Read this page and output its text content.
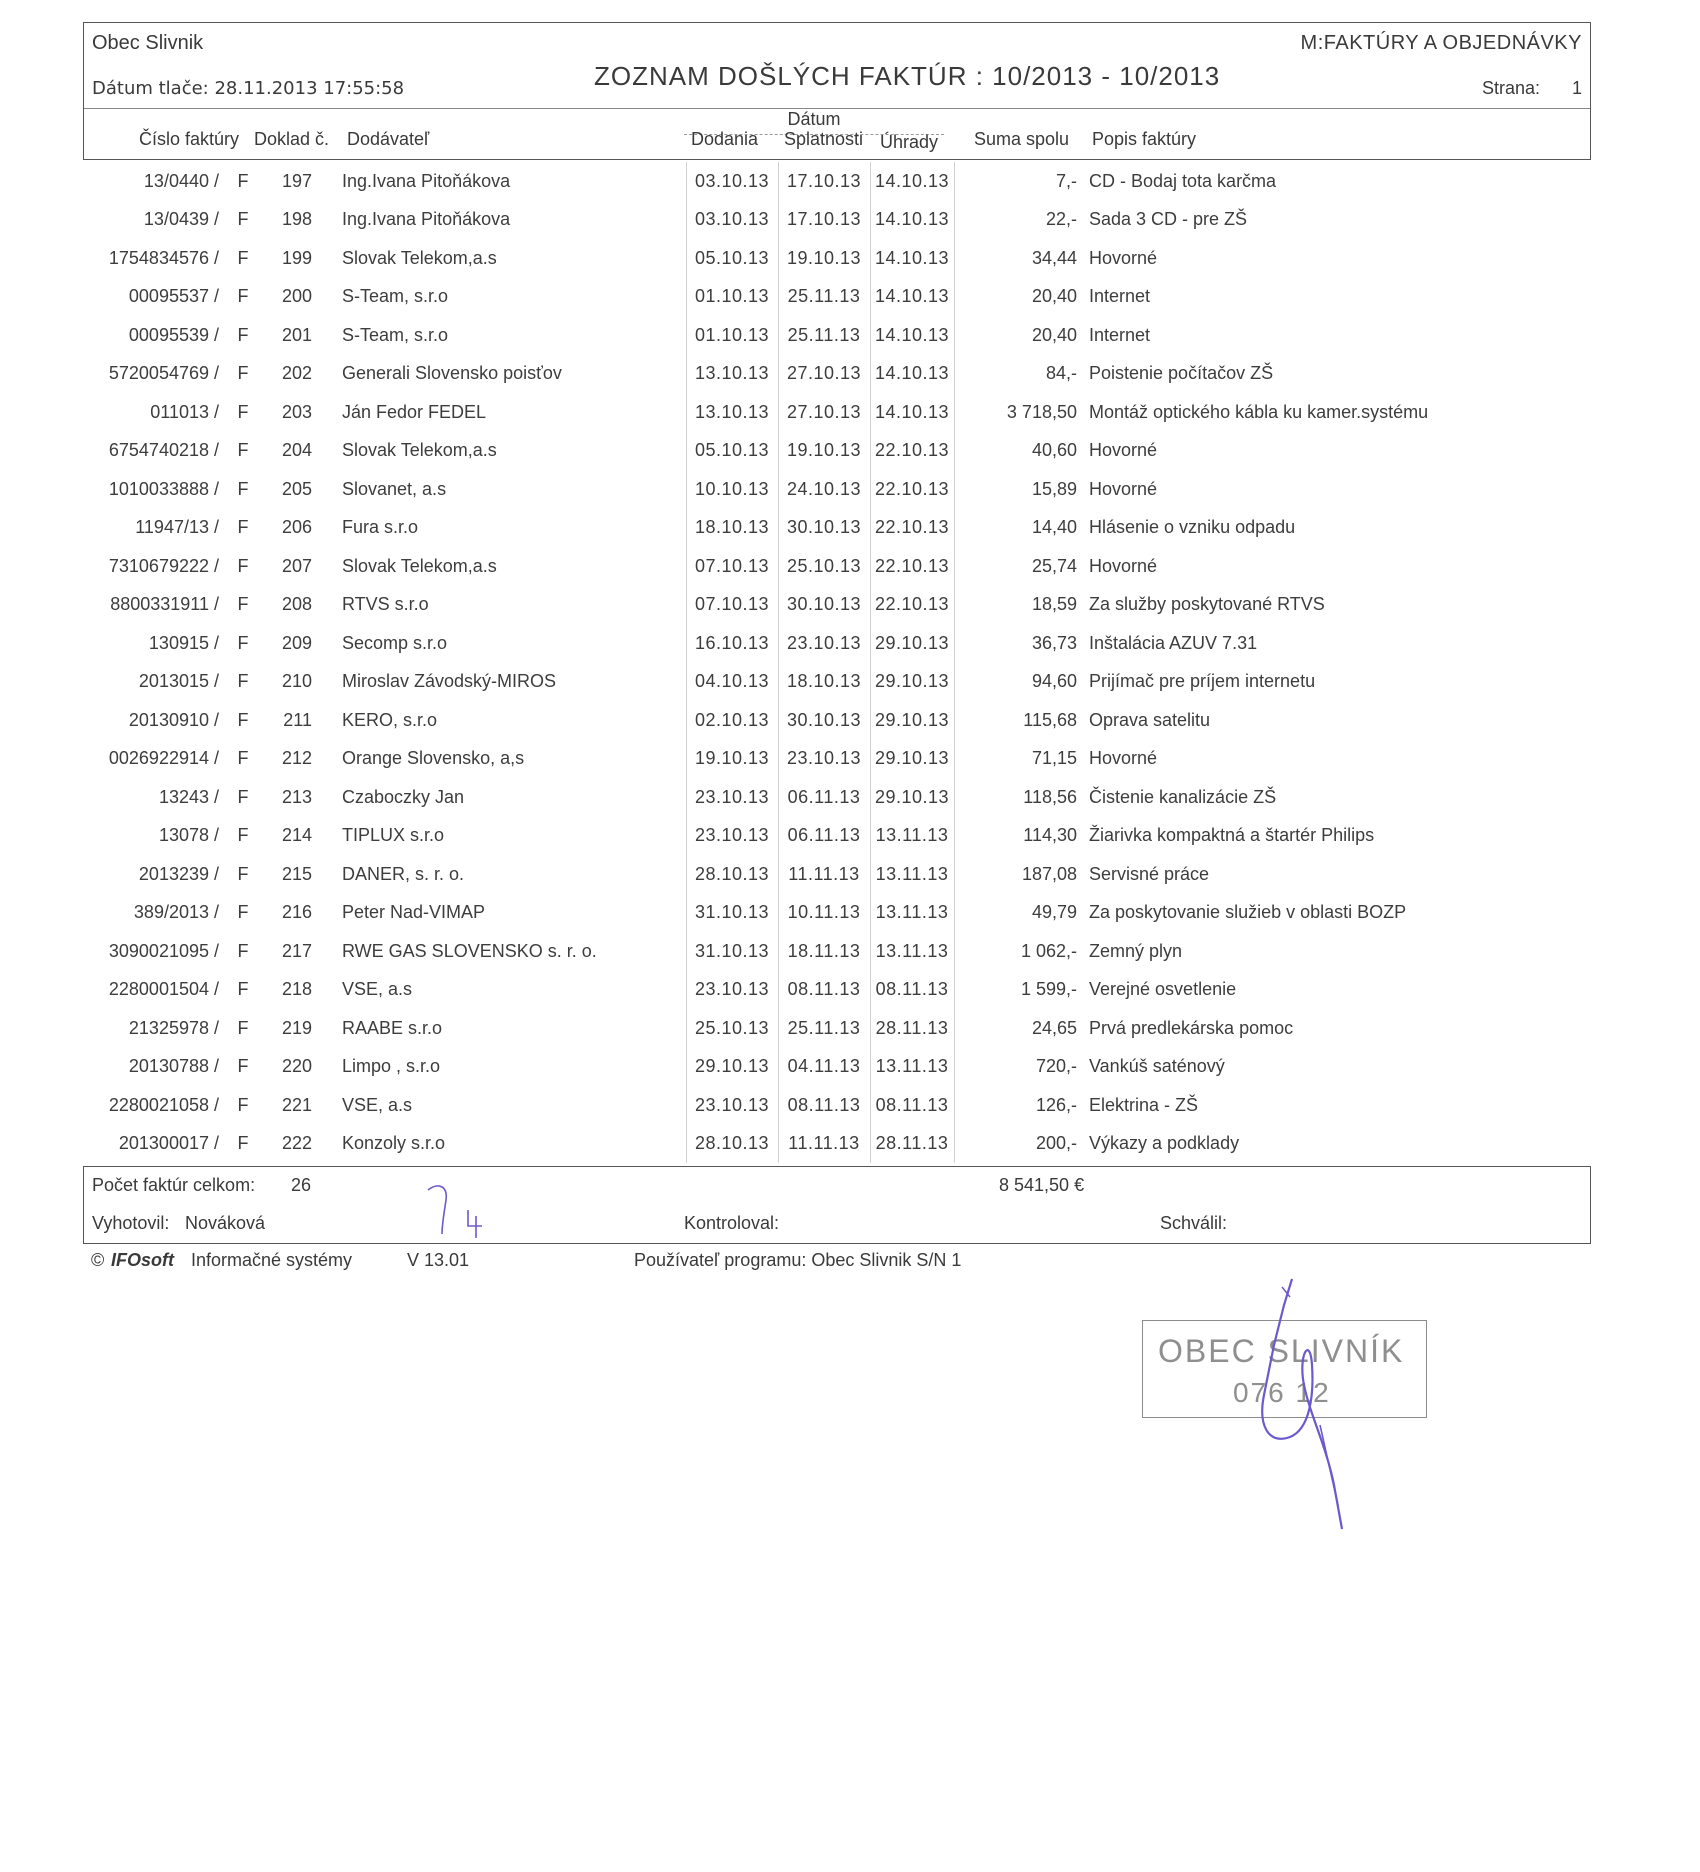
Obec Slivnik	M:FAKTÚRY A OBJEDNÁVKY
Dátum tlače: 28.11.2013 17:55:58	ZOZNAM DOŠLÝCH FAKTÚR : 10/2013 - 10/2013	Strana: 1
Dátum
Číslo faktúry Doklad č. Dodávateľ	Dodania Splatnosti Úhrady Suma spolu Popis faktúry
13/0440 /	F	197	Ing.Ivana Pitoňákova	03.10.13	17.10.13	14.10.13	7,-	CD - Bodaj tota karčma
13/0439 /	F	198	Ing.Ivana Pitoňákova	03.10.13	17.10.13	14.10.13	22,-	Sada 3 CD - pre ZŠ
1754834576 /	F	199	Slovak Telekom,a.s	05.10.13	19.10.13	14.10.13	34,44	Hovorné
00095537 /	F	200	S-Team, s.r.o	01.10.13	25.11.13	14.10.13	20,40	Internet
00095539 /	F	201	S-Team, s.r.o	01.10.13	25.11.13	14.10.13	20,40	Internet
5720054769 /	F	202	Generali Slovensko poisťov	13.10.13	27.10.13	14.10.13	84,-	Poistenie počítačov ZŠ
011013 /	F	203	Ján Fedor FEDEL	13.10.13	27.10.13	14.10.13	3 718,50	Montáž optického kábla ku kamer.systému
6754740218 /	F	204	Slovak Telekom,a.s	05.10.13	19.10.13	22.10.13	40,60	Hovorné
1010033888 /	F	205	Slovanet, a.s	10.10.13	24.10.13	22.10.13	15,89	Hovorné
11947/13 /	F	206	Fura s.r.o	18.10.13	30.10.13	22.10.13	14,40	Hlásenie o vzniku odpadu
7310679222 /	F	207	Slovak Telekom,a.s	07.10.13	25.10.13	22.10.13	25,74	Hovorné
8800331911 /	F	208	RTVS s.r.o	07.10.13	30.10.13	22.10.13	18,59	Za služby poskytované RTVS
130915 /	F	209	Secomp s.r.o	16.10.13	23.10.13	29.10.13	36,73	Inštalácia AZUV 7.31
2013015 /	F	210	Miroslav Závodský-MIROS	04.10.13	18.10.13	29.10.13	94,60	Prijímač pre príjem internetu
20130910 /	F	211	KERO, s.r.o	02.10.13	30.10.13	29.10.13	115,68	Oprava satelitu
0026922914 /	F	212	Orange Slovensko, a,s	19.10.13	23.10.13	29.10.13	71,15	Hovorné
13243 /	F	213	Czaboczky Jan	23.10.13	06.11.13	29.10.13	118,56	Čistenie kanalizácie ZŠ
13078 /	F	214	TIPLUX s.r.o	23.10.13	06.11.13	13.11.13	114,30	Žiarivka kompaktná a štartér Philips
2013239 /	F	215	DANER, s. r. o.	28.10.13	11.11.13	13.11.13	187,08	Servisné práce
389/2013 /	F	216	Peter Nad-VIMAP	31.10.13	10.11.13	13.11.13	49,79	Za poskytovanie služieb v oblasti BOZP
3090021095 /	F	217	RWE GAS SLOVENSKO s. r. o.	31.10.13	18.11.13	13.11.13	1 062,-	Zemný plyn
2280001504 /	F	218	VSE, a.s	23.10.13	08.11.13	08.11.13	1 599,-	Verejné osvetlenie
21325978 /	F	219	RAABE s.r.o	25.10.13	25.11.13	28.11.13	24,65	Prvá predlekárska pomoc
20130788 /	F	220	Limpo , s.r.o	29.10.13	04.11.13	13.11.13	720,-	Vankúš saténový
2280021058 /	F	221	VSE, a.s	23.10.13	08.11.13	08.11.13	126,-	Elektrina - ZŠ
201300017 /	F	222	Konzoly s.r.o	28.10.13	11.11.13	28.11.13	200,-	Výkazy a podklady
Počet faktúr celkom: 26	8 541,50 €
Vyhotovil: Nováková	Kontroloval:	Schválil:
© IFOsoft Informačné systémy	V 13.01	Používateľ programu: Obec Slivnik S/N 1
OBEC SLIVNÍK
076 12
